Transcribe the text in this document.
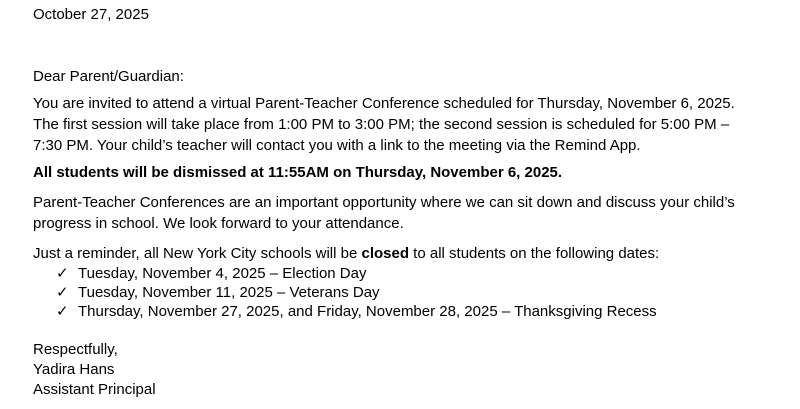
October 27, 2025
Dear Parent/Guardian:
You are invited to attend a virtual Parent-Teacher Conference scheduled for Thursday, November 6, 2025.
The first session will take place from 1:00 PM to 3:00 PM; the second session is scheduled for 5:00 PM –
7:30 PM. Your child’s teacher will contact you with a link to the meeting via the Remind App.
All students will be dismissed at 11:55AM on Thursday, November 6, 2025.
Parent-Teacher Conferences are an important opportunity where we can sit down and discuss your child’s
progress in school. We look forward to your attendance.
Just a reminder, all New York City schools will be closed to all students on the following dates:
✓ Tuesday, November 4, 2025 – Election Day
✓ Tuesday, November 11, 2025 – Veterans Day
✓ Thursday, November 27, 2025, and Friday, November 28, 2025 – Thanksgiving Recess
Respectfully,
Yadira Hans
Assistant Principal
